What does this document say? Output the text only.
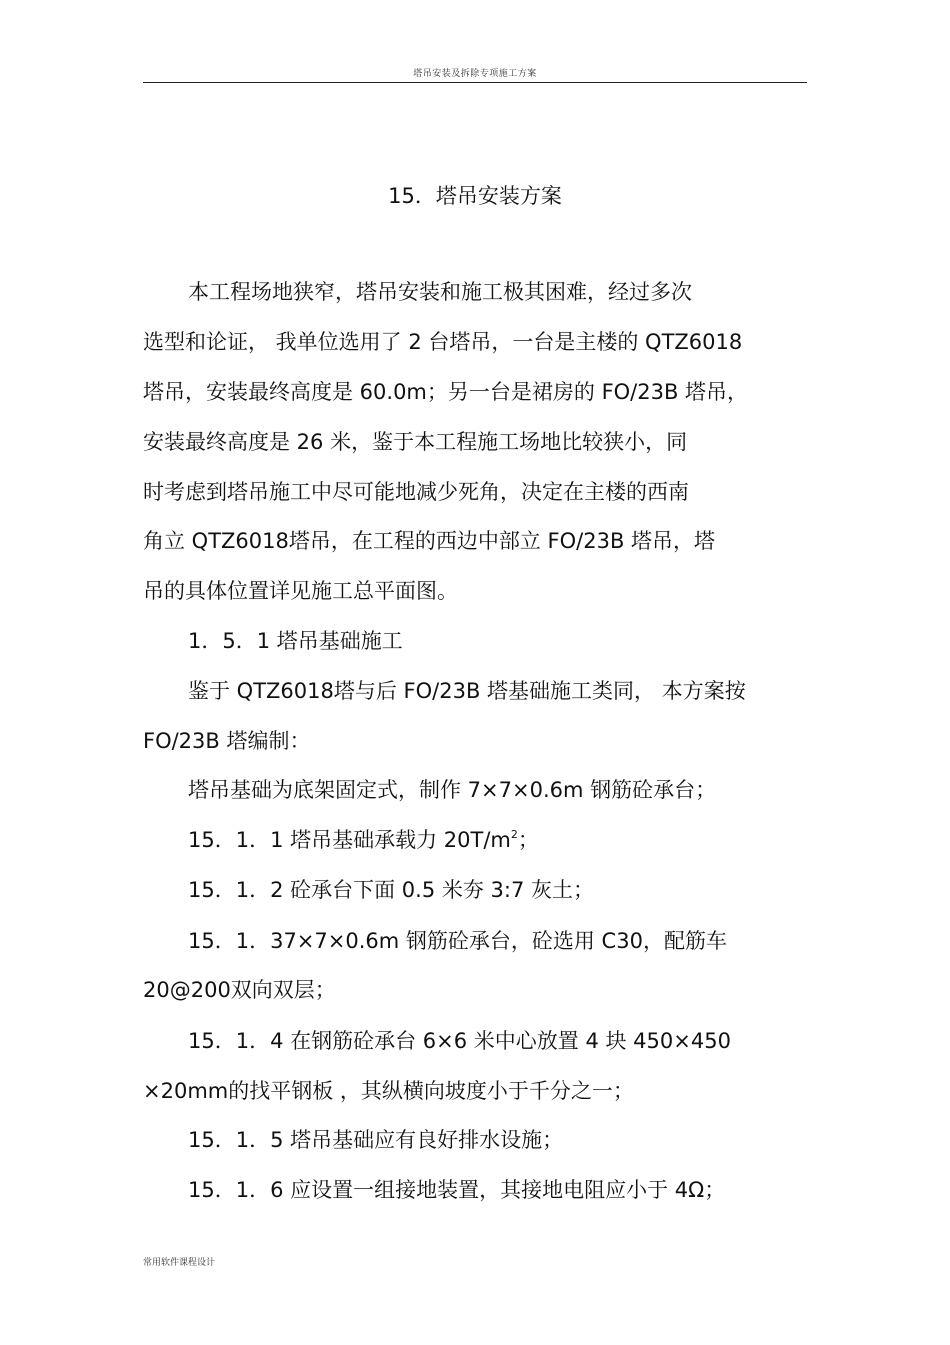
塔吊安装及拆除专项施工方案
15．塔吊安装方案
本工程场地狭窄，塔吊安装和施工极其困难，经过多次
选型和论证， 我单位选用了 2 台塔吊，一台是主楼的 QTZ6018
塔吊，安装最终高度是 60.0m；另一台是裙房的 FO/23B 塔吊，
安装最终高度是 26 米，鉴于本工程施工场地比较狭小，同
时考虑到塔吊施工中尽可能地减少死角，决定在主楼的西南
角立 QTZ6018塔吊，在工程的西边中部立 FO/23B 塔吊，塔
吊的具体位置详见施工总平面图。
1．5．1 塔吊基础施工
鉴于 QTZ6018塔与后 FO/23B 塔基础施工类同， 本方案按
FO/23B 塔编制：
塔吊基础为底架固定式，制作 7×7×0.6m 钢筋砼承台；
15．1．1 塔吊基础承载力 $20T/m^2$；
15．1．2 砼承台下面 0.5 米夯 3:7 灰土；
15．1．37×7×0.6m 钢筋砼承台，砼选用 C30，配筋车
20@200双向双层；
15．1．4 在钢筋砼承台 6×6 米中心放置 4 块 450×450
×20mm的找平钢板 ，其纵横向坡度小于千分之一；
15．1．5 塔吊基础应有良好排水设施；
15．1．6 应设置一组接地装置，其接地电阻应小于 4Ω；
常用软件课程设计
